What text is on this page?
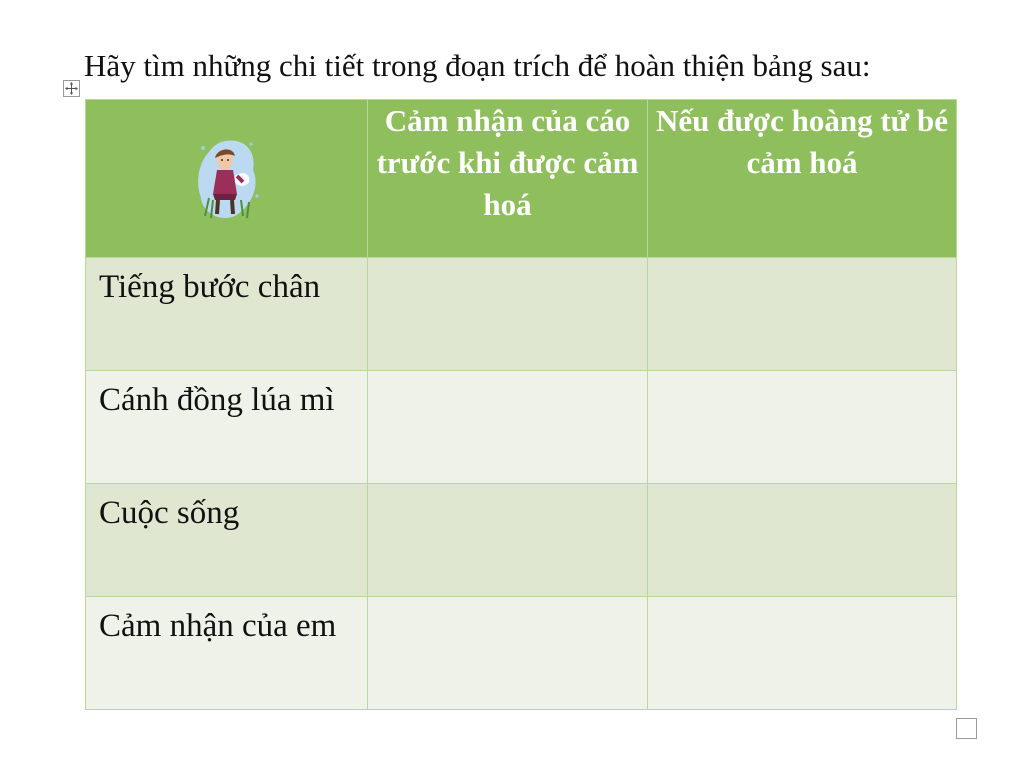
Hãy tìm những chi tiết trong đoạn trích để hoàn thiện bảng sau:
	Cảm nhận của cáo trước khi được cảm hoá	Nếu được hoàng tử bé cảm hoá
Tiếng bước chân		
Cánh đồng lúa mì		
Cuộc sống		
Cảm nhận của em		
